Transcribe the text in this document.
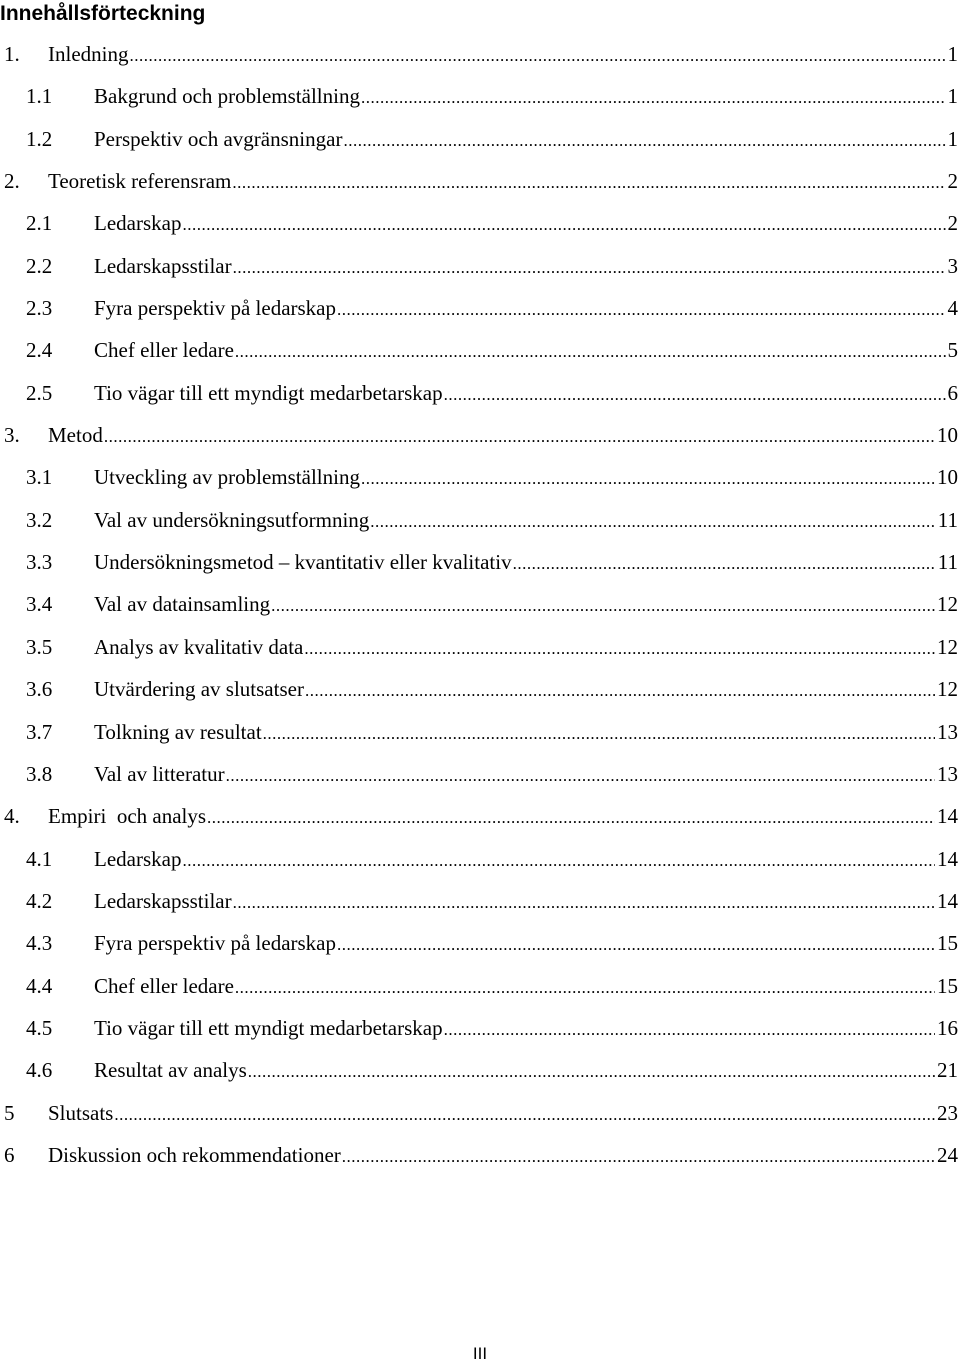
Innehållsförteckning
1. Inledning .....	1
1.1 Bakgrund och problemställning .....	1
1.2 Perspektiv och avgränsningar .....	1
2. Teoretisk referensram .....	2
2.1 Ledarskap .....	2
2.2 Ledarskapsstilar .....	3
2.3 Fyra perspektiv på ledarskap .....	4
2.4 Chef eller ledare .....	5
2.5 Tio vägar till ett myndigt medarbetarskap .....	6
3. Metod .....	10
3.1 Utveckling av problemställning .....	10
3.2 Val av undersökningsutformning .....	11
3.3 Undersökningsmetod – kvantitativ eller kvalitativ .....	11
3.4 Val av datainsamling .....	12
3.5 Analys av kvalitativ data .....	12
3.6 Utvärdering av slutsatser .....	12
3.7 Tolkning av resultat .....	13
3.8 Val av litteratur .....	13
4. Empiri  och analys .....	14
4.1 Ledarskap .....	14
4.2 Ledarskapsstilar .....	14
4.3 Fyra perspektiv på ledarskap .....	15
4.4 Chef eller ledare .....	15
4.5 Tio vägar till ett myndigt medarbetarskap .....	16
4.6 Resultat av analys .....	21
5 Slutsats .....	23
6 Diskussion och rekommendationer .....	24
III
